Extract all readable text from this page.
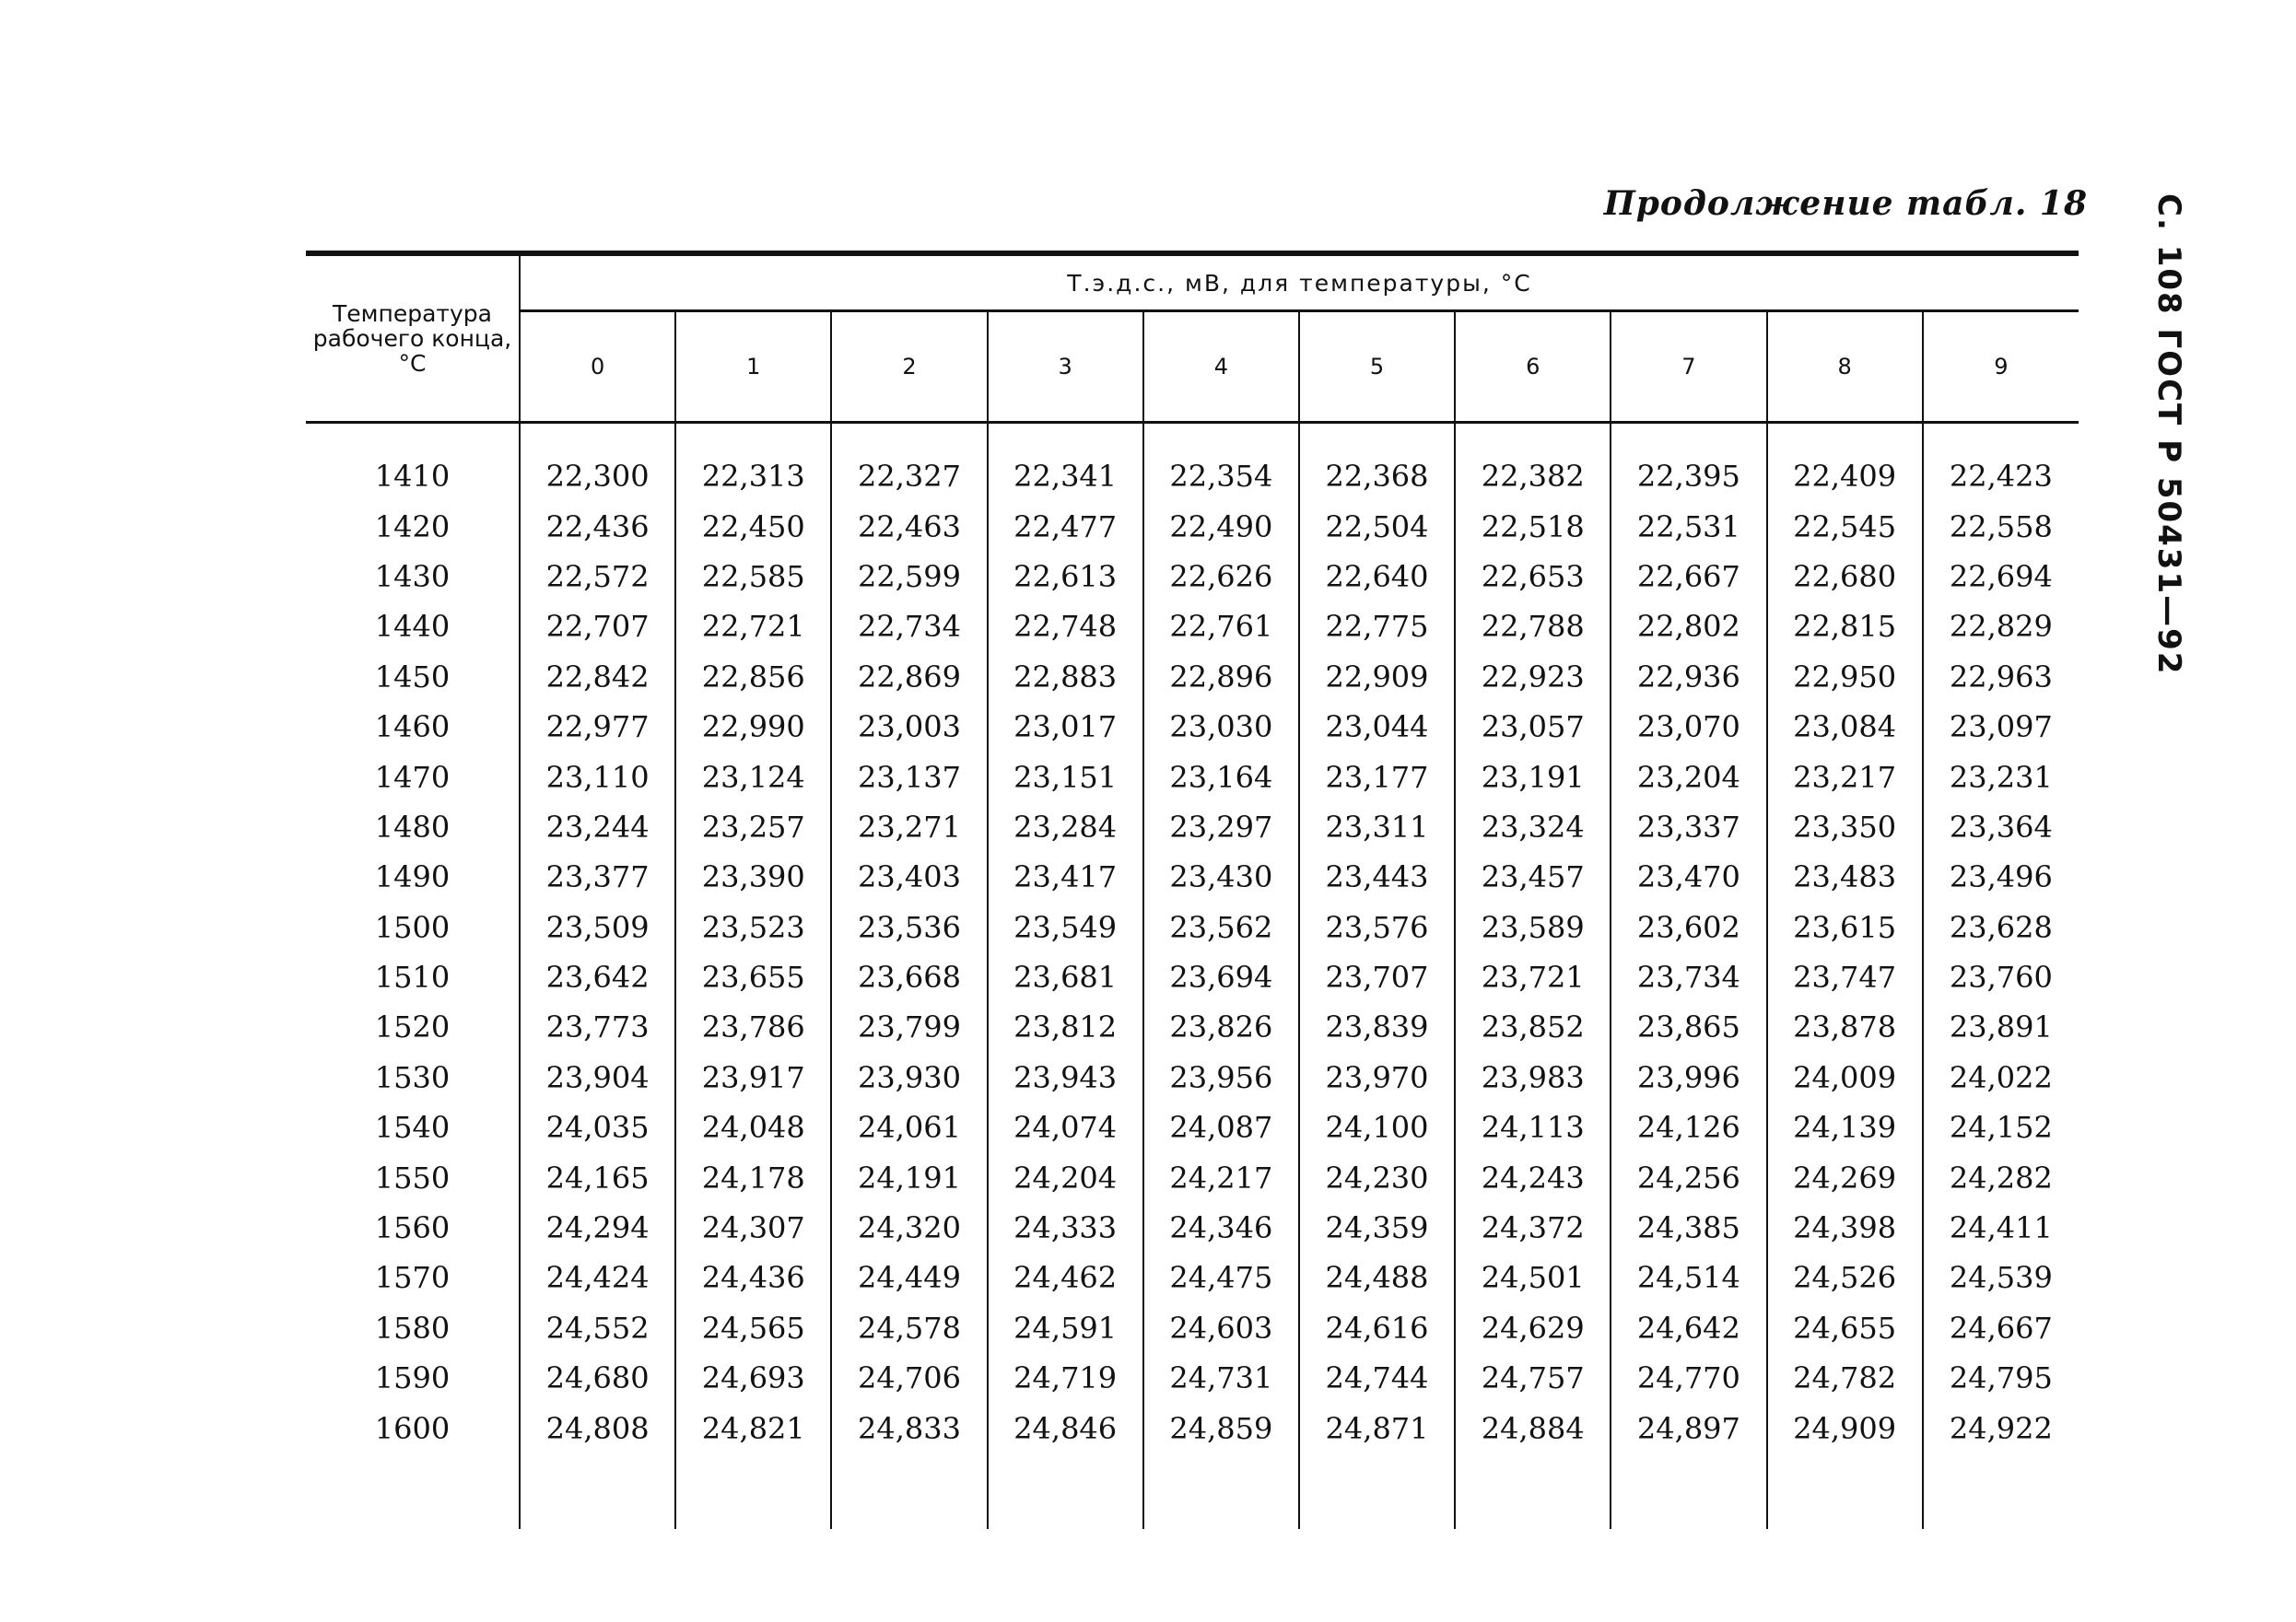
Продолжение табл. 18 С. 108 ГОСТ Р 50431—92
Температура рабочего конца, °С	Т.э.д.с., мВ, для температуры, °С									
	0	1	2	3	4	5	6	7	8	9

1410	22,300	22,313	22,327	22,341	22,354	22,368	22,382	22,395	22,409	22,423
1420	22,436	22,450	22,463	22,477	22,490	22,504	22,518	22,531	22,545	22,558
1430	22,572	22,585	22,599	22,613	22,626	22,640	22,653	22,667	22,680	22,694
1440	22,707	22,721	22,734	22,748	22,761	22,775	22,788	22,802	22,815	22,829
1450	22,842	22,856	22,869	22,883	22,896	22,909	22,923	22,936	22,950	22,963
1460	22,977	22,990	23,003	23,017	23,030	23,044	23,057	23,070	23,084	23,097
1470	23,110	23,124	23,137	23,151	23,164	23,177	23,191	23,204	23,217	23,231
1480	23,244	23,257	23,271	23,284	23,297	23,311	23,324	23,337	23,350	23,364
1490	23,377	23,390	23,403	23,417	23,430	23,443	23,457	23,470	23,483	23,496
1500	23,509	23,523	23,536	23,549	23,562	23,576	23,589	23,602	23,615	23,628
1510	23,642	23,655	23,668	23,681	23,694	23,707	23,721	23,734	23,747	23,760
1520	23,773	23,786	23,799	23,812	23,826	23,839	23,852	23,865	23,878	23,891
1530	23,904	23,917	23,930	23,943	23,956	23,970	23,983	23,996	24,009	24,022
1540	24,035	24,048	24,061	24,074	24,087	24,100	24,113	24,126	24,139	24,152
1550	24,165	24,178	24,191	24,204	24,217	24,230	24,243	24,256	24,269	24,282
1560	24,294	24,307	24,320	24,333	24,346	24,359	24,372	24,385	24,398	24,411
1570	24,424	24,436	24,449	24,462	24,475	24,488	24,501	24,514	24,526	24,539
1580	24,552	24,565	24,578	24,591	24,603	24,616	24,629	24,642	24,655	24,667
1590	24,680	24,693	24,706	24,719	24,731	24,744	24,757	24,770	24,782	24,795
1600	24,808	24,821	24,833	24,846	24,859	24,871	24,884	24,897	24,909	24,922
